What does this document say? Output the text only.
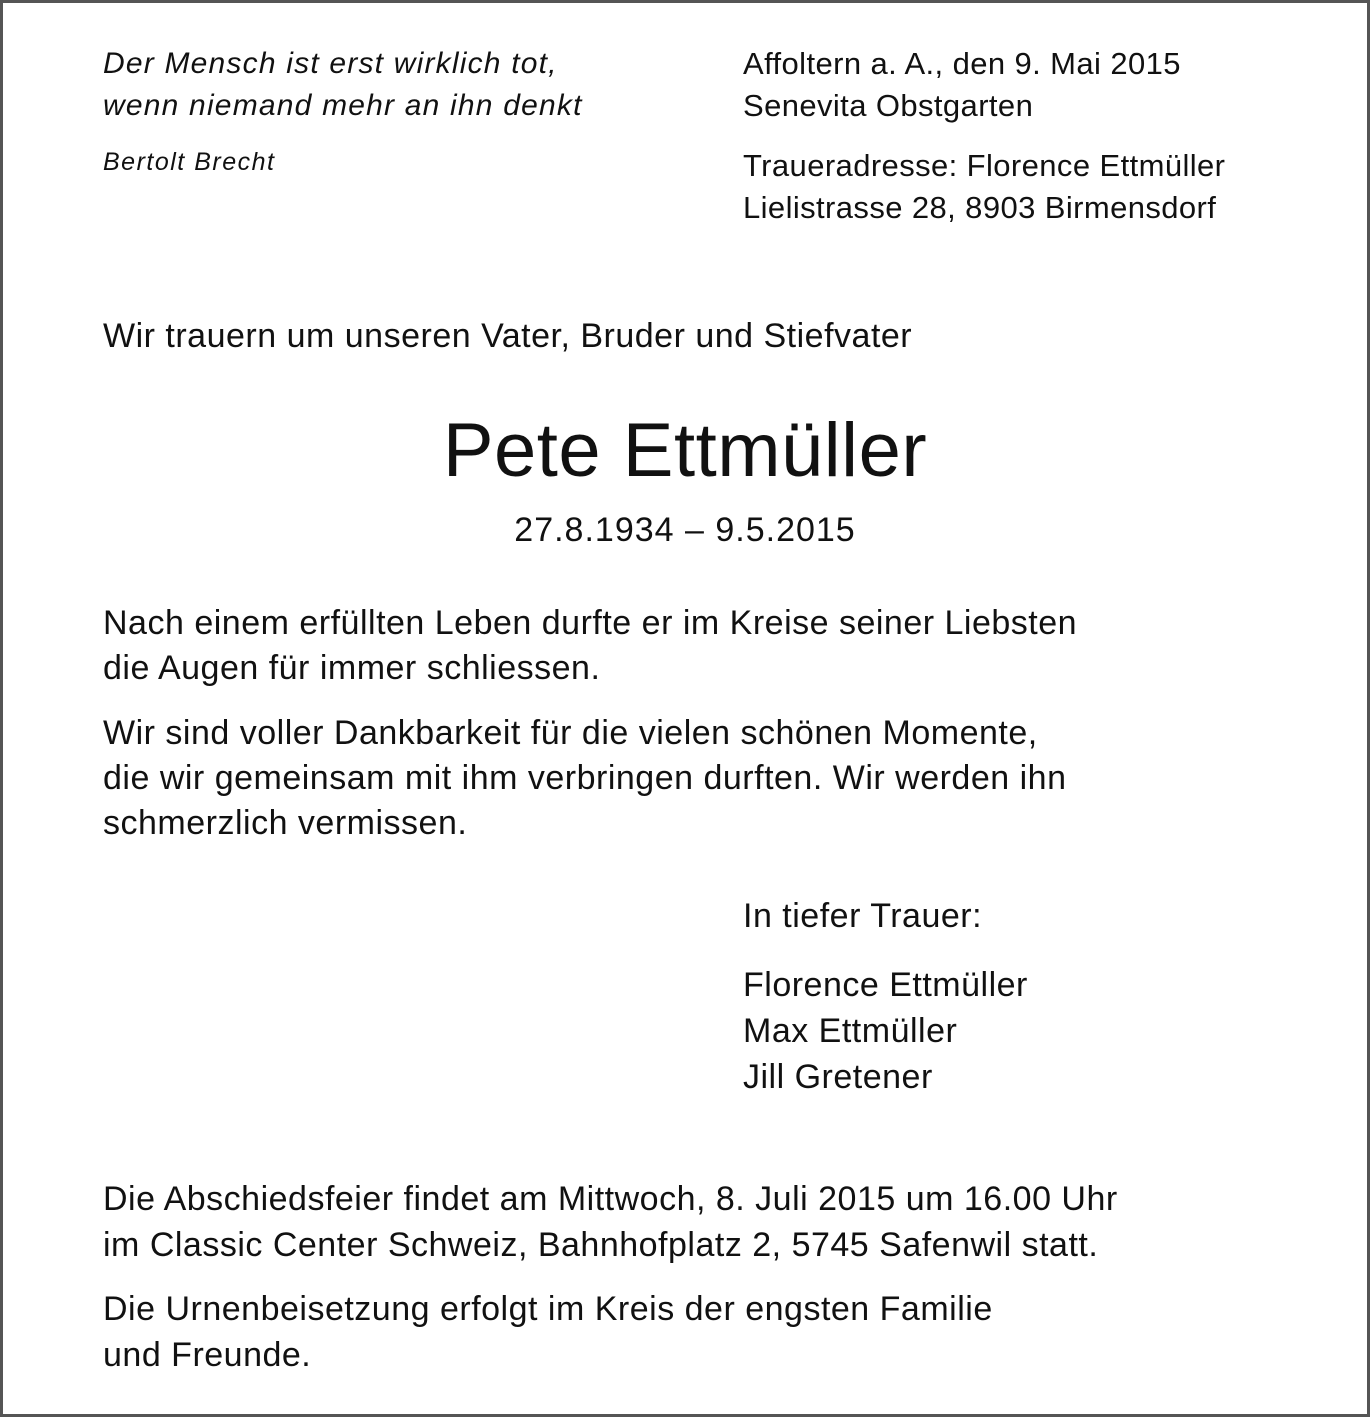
Der Mensch ist erst wirklich tot,
wenn niemand mehr an ihn denkt
Bertolt Brecht
Affoltern a. A., den 9. Mai 2015
Senevita Obstgarten
Traueradresse: Florence Ettmüller
Lielistrasse 28, 8903 Birmensdorf
Wir trauern um unseren Vater, Bruder und Stiefvater
Pete Ettmüller
27.8.1934 – 9.5.2015
Nach einem erfüllten Leben durfte er im Kreise seiner Liebsten
die Augen für immer schliessen.
Wir sind voller Dankbarkeit für die vielen schönen Momente,
die wir gemeinsam mit ihm verbringen durften. Wir werden ihn
schmerzlich vermissen.
In tiefer Trauer:
Florence Ettmüller
Max Ettmüller
Jill Gretener
Die Abschiedsfeier findet am Mittwoch, 8. Juli 2015 um 16.00 Uhr
im Classic Center Schweiz, Bahnhofplatz 2, 5745 Safenwil statt.
Die Urnenbeisetzung erfolgt im Kreis der engsten Familie
und Freunde.
